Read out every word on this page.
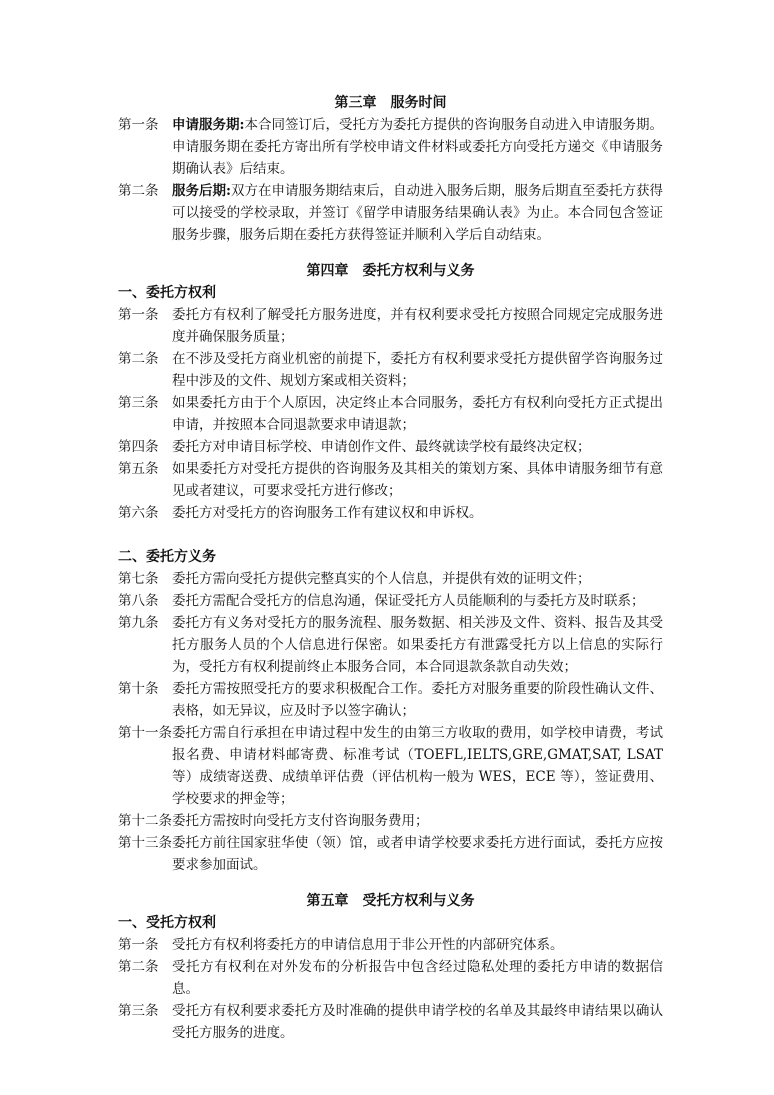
第三章　服务时间
第一条	申请服务期:本合同签订后，受托方为委托方提供的咨询服务自动进入申请服务期。申请服务期在委托方寄出所有学校申请文件材料或委托方向受托方递交《申请服务期确认表》后结束。
第二条	服务后期:双方在申请服务期结束后，自动进入服务后期，服务后期直至委托方获得可以接受的学校录取，并签订《留学申请服务结果确认表》为止。本合同包含签证服务步骤，服务后期在委托方获得签证并顺利入学后自动结束。
第四章　委托方权利与义务
一、委托方权利
第一条	委托方有权利了解受托方服务进度，并有权利要求受托方按照合同规定完成服务进度并确保服务质量；
第二条	在不涉及受托方商业机密的前提下，委托方有权利要求受托方提供留学咨询服务过程中涉及的文件、规划方案或相关资料；
第三条	如果委托方由于个人原因，决定终止本合同服务，委托方有权利向受托方正式提出申请，并按照本合同退款要求申请退款；
第四条	委托方对申请目标学校、申请创作文件、最终就读学校有最终决定权；
第五条	如果委托方对受托方提供的咨询服务及其相关的策划方案、具体申请服务细节有意见或者建议，可要求受托方进行修改；
第六条	委托方对受托方的咨询服务工作有建议权和申诉权。
二、委托方义务
第七条	委托方需向受托方提供完整真实的个人信息，并提供有效的证明文件；
第八条	委托方需配合受托方的信息沟通，保证受托方人员能顺利的与委托方及时联系；
第九条	委托方有义务对受托方的服务流程、服务数据、相关涉及文件、资料、报告及其受托方服务人员的个人信息进行保密。如果委托方有泄露受托方以上信息的实际行为，受托方有权利提前终止本服务合同，本合同退款条款自动失效；
第十条	委托方需按照受托方的要求积极配合工作。委托方对服务重要的阶段性确认文件、表格，如无异议，应及时予以签字确认；
第十一条 委托方需自行承担在申请过程中发生的由第三方收取的费用，如学校申请费，考试报名费、申请材料邮寄费、标准考试（TOEFL,IELTS,GRE,GMAT,SAT, LSAT 等）成绩寄送费、成绩单评估费（评估机构一般为 WES，ECE 等），签证费用、学校要求的押金等；
第十二条 委托方需按时向受托方支付咨询服务费用；
第十三条 委托方前往国家驻华使（领）馆，或者申请学校要求委托方进行面试，委托方应按要求参加面试。
第五章　受托方权利与义务
一、受托方权利
第一条	受托方有权利将委托方的申请信息用于非公开性的内部研究体系。
第二条	受托方有权利在对外发布的分析报告中包含经过隐私处理的委托方申请的数据信息。
第三条	受托方有权利要求委托方及时准确的提供申请学校的名单及其最终申请结果以确认受托方服务的进度。
